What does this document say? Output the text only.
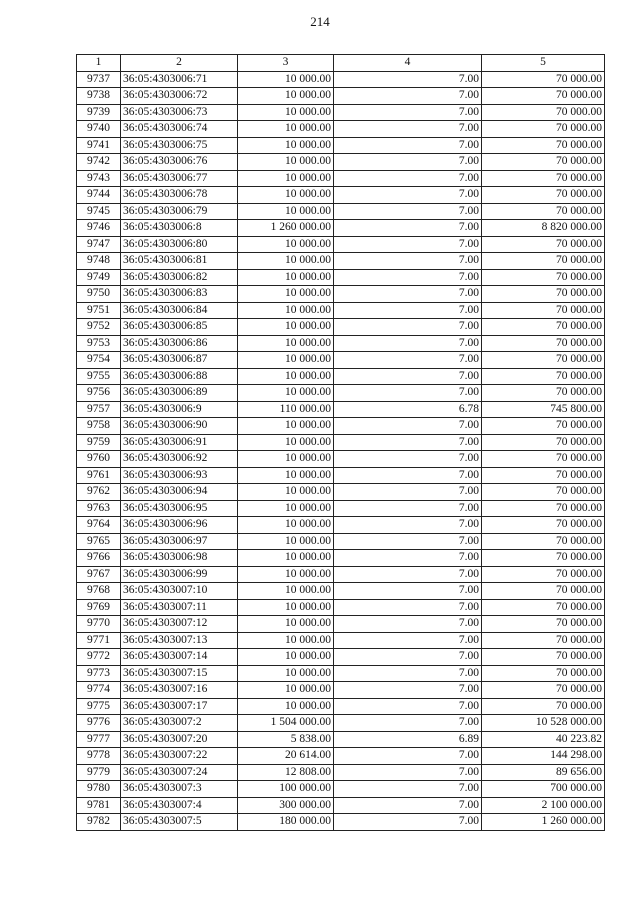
214
1	2	3	4	5
9737	36:05:4303006:71	10 000.00	7.00	70 000.00
9738	36:05:4303006:72	10 000.00	7.00	70 000.00
9739	36:05:4303006:73	10 000.00	7.00	70 000.00
9740	36:05:4303006:74	10 000.00	7.00	70 000.00
9741	36:05:4303006:75	10 000.00	7.00	70 000.00
9742	36:05:4303006:76	10 000.00	7.00	70 000.00
9743	36:05:4303006:77	10 000.00	7.00	70 000.00
9744	36:05:4303006:78	10 000.00	7.00	70 000.00
9745	36:05:4303006:79	10 000.00	7.00	70 000.00
9746	36:05:4303006:8	1 260 000.00	7.00	8 820 000.00
9747	36:05:4303006:80	10 000.00	7.00	70 000.00
9748	36:05:4303006:81	10 000.00	7.00	70 000.00
9749	36:05:4303006:82	10 000.00	7.00	70 000.00
9750	36:05:4303006:83	10 000.00	7.00	70 000.00
9751	36:05:4303006:84	10 000.00	7.00	70 000.00
9752	36:05:4303006:85	10 000.00	7.00	70 000.00
9753	36:05:4303006:86	10 000.00	7.00	70 000.00
9754	36:05:4303006:87	10 000.00	7.00	70 000.00
9755	36:05:4303006:88	10 000.00	7.00	70 000.00
9756	36:05:4303006:89	10 000.00	7.00	70 000.00
9757	36:05:4303006:9	110 000.00	6.78	745 800.00
9758	36:05:4303006:90	10 000.00	7.00	70 000.00
9759	36:05:4303006:91	10 000.00	7.00	70 000.00
9760	36:05:4303006:92	10 000.00	7.00	70 000.00
9761	36:05:4303006:93	10 000.00	7.00	70 000.00
9762	36:05:4303006:94	10 000.00	7.00	70 000.00
9763	36:05:4303006:95	10 000.00	7.00	70 000.00
9764	36:05:4303006:96	10 000.00	7.00	70 000.00
9765	36:05:4303006:97	10 000.00	7.00	70 000.00
9766	36:05:4303006:98	10 000.00	7.00	70 000.00
9767	36:05:4303006:99	10 000.00	7.00	70 000.00
9768	36:05:4303007:10	10 000.00	7.00	70 000.00
9769	36:05:4303007:11	10 000.00	7.00	70 000.00
9770	36:05:4303007:12	10 000.00	7.00	70 000.00
9771	36:05:4303007:13	10 000.00	7.00	70 000.00
9772	36:05:4303007:14	10 000.00	7.00	70 000.00
9773	36:05:4303007:15	10 000.00	7.00	70 000.00
9774	36:05:4303007:16	10 000.00	7.00	70 000.00
9775	36:05:4303007:17	10 000.00	7.00	70 000.00
9776	36:05:4303007:2	1 504 000.00	7.00	10 528 000.00
9777	36:05:4303007:20	5 838.00	6.89	40 223.82
9778	36:05:4303007:22	20 614.00	7.00	144 298.00
9779	36:05:4303007:24	12 808.00	7.00	89 656.00
9780	36:05:4303007:3	100 000.00	7.00	700 000.00
9781	36:05:4303007:4	300 000.00	7.00	2 100 000.00
9782	36:05:4303007:5	180 000.00	7.00	1 260 000.00
